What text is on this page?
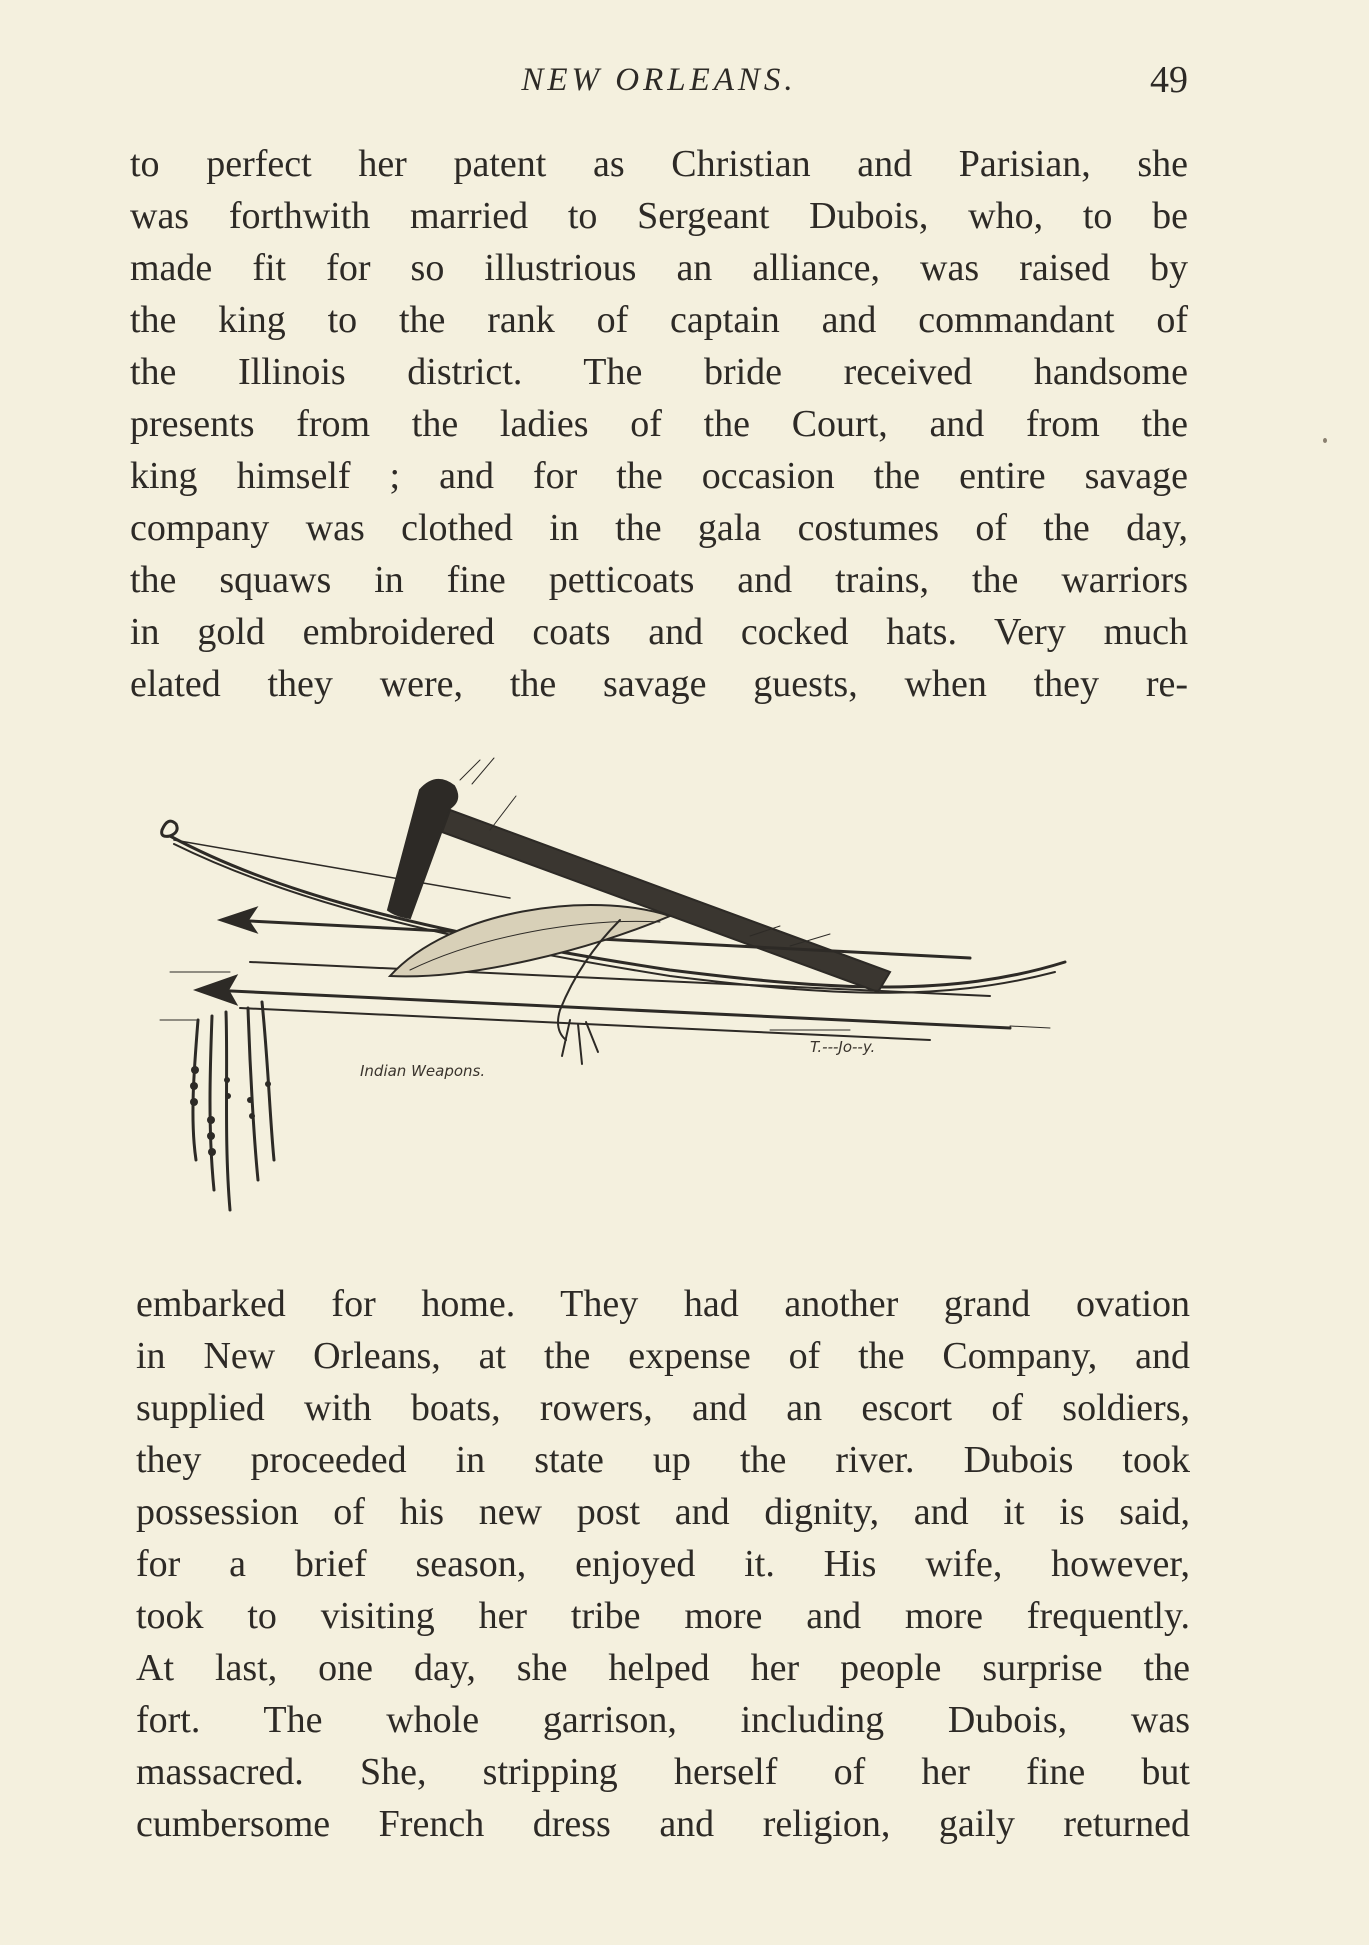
NEW ORLEANS.	49
to perfect her patent as Christian and Parisian, she
was forthwith married to Sergeant Dubois, who, to be
made fit for so illustrious an alliance, was raised by
the king to the rank of captain and commandant of
the Illinois district. The bride received handsome
presents from the ladies of the Court, and from the
king himself ; and for the occasion the entire savage
company was clothed in the gala costumes of the day,
the squaws in fine petticoats and trains, the warriors
in gold embroidered coats and cocked hats. Very much
elated they were, the savage guests, when they re-
Indian Weapons.
T.---Jo--y.
embarked for home. They had another grand ovation
in New Orleans, at the expense of the Company, and
supplied with boats, rowers, and an escort of soldiers,
they proceeded in state up the river. Dubois took
possession of his new post and dignity, and it is said,
for a brief season, enjoyed it. His wife, however,
took to visiting her tribe more and more frequently.
At last, one day, she helped her people surprise the
fort. The whole garrison, including Dubois, was
massacred. She, stripping herself of her fine but
cumbersome French dress and religion, gaily returned
